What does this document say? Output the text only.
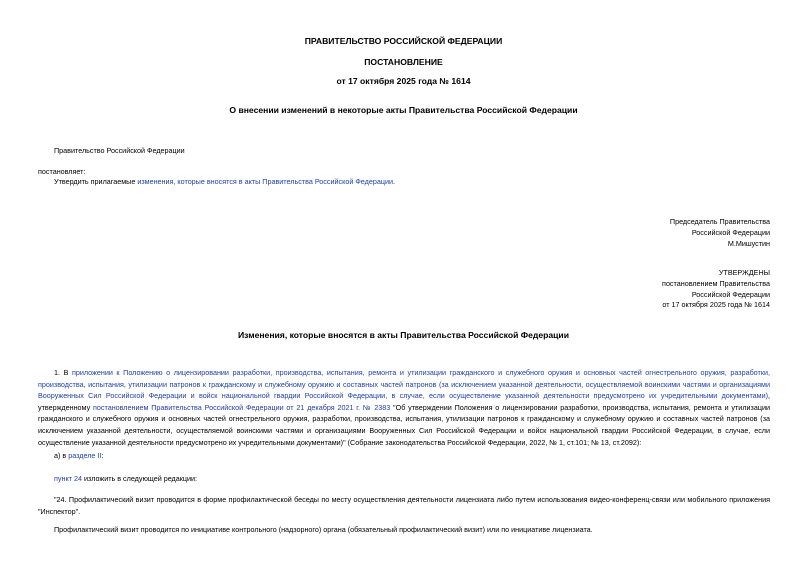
ПРАВИТЕЛЬСТВО РОССИЙСКОЙ ФЕДЕРАЦИИ
ПОСТАНОВЛЕНИЕ
от 17 октября 2025 года № 1614
О внесении изменений в некоторые акты Правительства Российской Федерации
Правительство Российской Федерации
постановляет:
Утвердить прилагаемые изменения, которые вносятся в акты Правительства Российской Федерации.
Председатель Правительства
Российской Федерации
М.Мишустин
УТВЕРЖДЕНЫ
постановлением Правительства
Российской Федерации
от 17 октября 2025 года № 1614
Изменения, которые вносятся в акты Правительства Российской Федерации
1. В приложении к Положению о лицензировании разработки, производства, испытания, ремонта и утилизации гражданского и служебного оружия и основных частей огнестрельного оружия, разработки, производства, испытания, утилизации патронов к гражданскому и служебному оружию и составных частей патронов (за исключением указанной деятельности, осуществляемой воинскими частями и организациями Вооруженных Сил Российской Федерации и войск национальной гвардии Российской Федерации, в случае, если осуществление указанной деятельности предусмотрено их учредительными документами), утвержденному постановлением Правительства Российской Федерации от 21 декабря 2021 г. № 2383 "Об утверждении Положения о лицензировании разработки, производства, испытания, ремонта и утилизации гражданского и служебного оружия и основных частей огнестрельного оружия, разработки, производства, испытания, утилизации патронов к гражданскому и служебному оружию и составных частей патронов (за исключением указанной деятельности, осуществляемой воинскими частями и организациями Вооруженных Сил Российской Федерации и войск национальной гвардии Российской Федерации, в случае, если осуществление указанной деятельности предусмотрено их учредительными документами)" (Собрание законодательства Российской Федерации, 2022, № 1, ст.101; № 13, ст.2092):
а) в разделе II:
пункт 24 изложить в следующей редакции:
"24. Профилактический визит проводится в форме профилактической беседы по месту осуществления деятельности лицензиата либо путем использования видео-конференц-связи или мобильного приложения "Инспектор".
Профилактический визит проводится по инициативе контрольного (надзорного) органа (обязательный профилактический визит) или по инициативе лицензиата.
